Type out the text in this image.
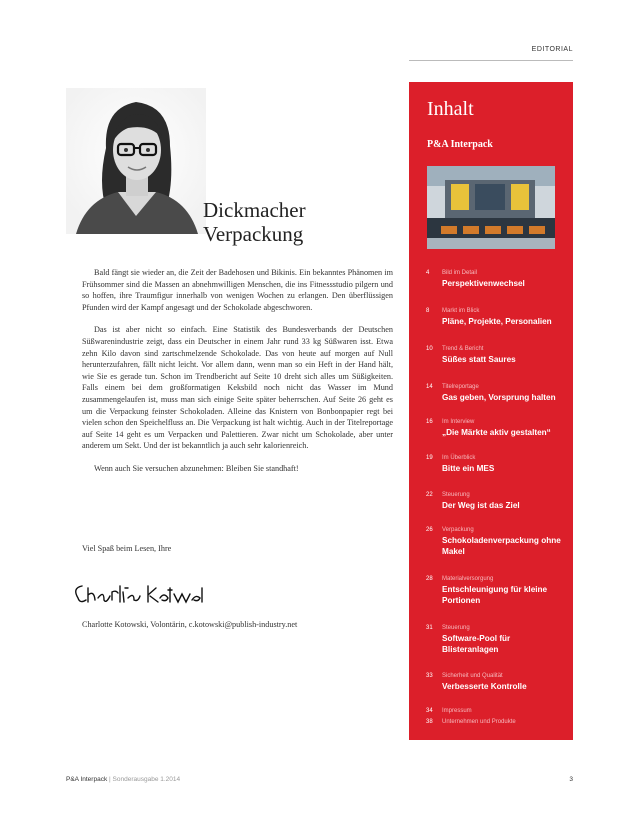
EDITORIAL
Dickmacher
Verpackung

Bald fängt sie wieder an, die Zeit der Badehosen und Bikinis. Ein bekanntes Phänomen im Frühsommer sind die Massen an abnehmwilligen Menschen, die ins Fitnessstudio pilgern und so hoffen, ihre Traumfigur innerhalb von wenigen Wochen zu erlangen. Den überflüssigen Pfunden wird der Kampf angesagt und der Schokolade abgeschworen.

Das ist aber nicht so einfach. Eine Statistik des Bundesverbands der Deutschen Süßwarenindustrie zeigt, dass ein Deutscher in einem Jahr rund 33 kg Süßwaren isst. Etwa zehn Kilo davon sind zartschmelzende Schokolade. Das von heute auf morgen auf Null herunterzufahren, fällt nicht leicht. Vor allem dann, wenn man so ein Heft in der Hand hält, wie Sie es gerade tun. Schon im Trendbericht auf Seite 10 dreht sich alles um Süßigkeiten. Falls einem bei dem großformatigen Keksbild noch nicht das Wasser im Mund zusammengelaufen ist, muss man sich einige Seite später beherrschen. Auf Seite 26 geht es um die Verpackung feinster Schokoladen. Alleine das Knistern von Bonbonpapier regt bei vielen schon den Speichelfluss an. Die Verpackung ist halt wichtig. Auch in der Titelreportage auf Seite 14 geht es um Verpacken und Palettieren. Zwar nicht um Schokolade, aber unter anderem um Sekt. Und der ist bekanntlich ja auch sehr kalorienreich.

Wenn auch Sie versuchen abzunehmen: Bleiben Sie standhaft!

Viel Spaß beim Lesen, Ihre
Charlotte Kotowski, Volontärin, c.kotowski@publish-industry.net
Inhalt
P&A Interpack
4 Bild im Detail
Perspektivenwechsel
8 Markt im Blick
Pläne, Projekte, Personalien
10 Trend & Bericht
Süßes statt Saures
14 Titelreportage
Gas geben, Vorsprung halten
16 Im Interview
„Die Märkte aktiv gestalten“
19 Im Überblick
Bitte ein MES
22 Steuerung
Der Weg ist das Ziel
26 Verpackung
Schokoladenverpackung ohne Makel
28 Materialversorgung
Entschleunigung für kleine Portionen
31 Steuerung
Software-Pool für Blisteranlagen
33 Sicherheit und Qualität
Verbesserte Kontrolle
34 Impressum
38 Unternehmen und Produkte
P&A Interpack | Sonderausgabe 1.2014	3
